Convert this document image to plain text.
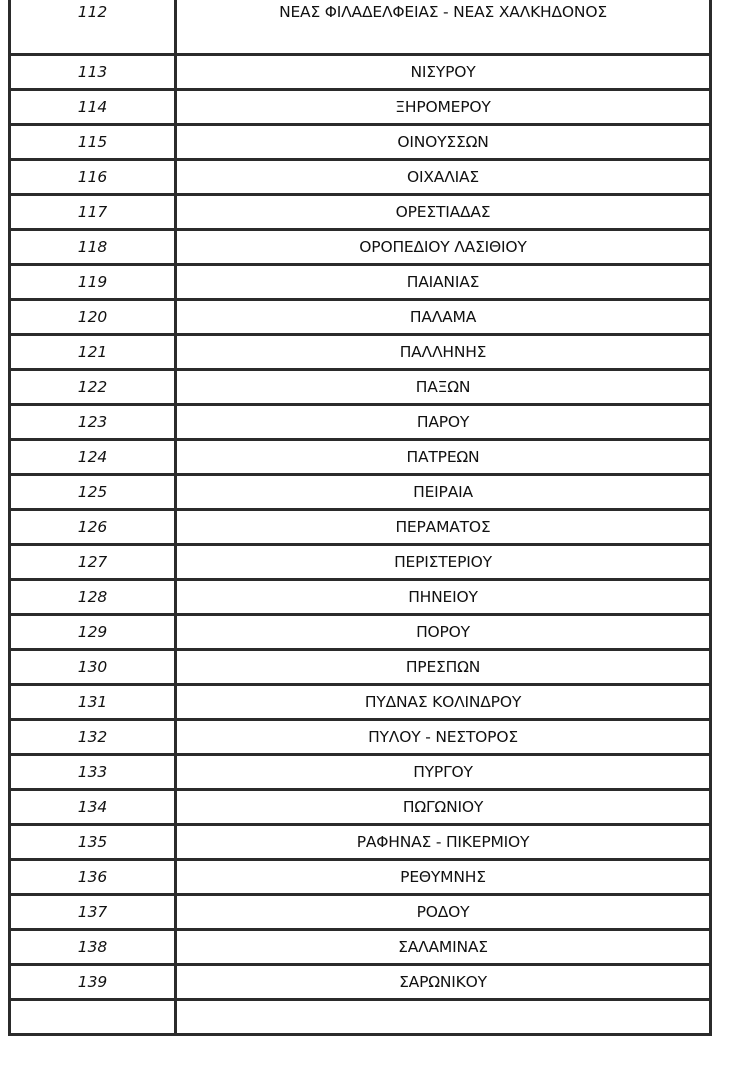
112	ΝΕΑΣ ΦΙΛΑΔΕΛΦΕΙΑΣ - ΝΕΑΣ ΧΑΛΚΗΔΟΝΟΣ
113	ΝΙΣΥΡΟΥ
114	ΞΗΡΟΜΕΡΟΥ
115	ΟΙΝΟΥΣΣΩΝ
116	ΟΙΧΑΛΙΑΣ
117	ΟΡΕΣΤΙΑΔΑΣ
118	ΟΡΟΠΕΔΙΟΥ ΛΑΣΙΘΙΟΥ
119	ΠΑΙΑΝΙΑΣ
120	ΠΑΛΑΜΑ
121	ΠΑΛΛΗΝΗΣ
122	ΠΑΞΩΝ
123	ΠΑΡΟΥ
124	ΠΑΤΡΕΩΝ
125	ΠΕΙΡΑΙΑ
126	ΠΕΡΑΜΑΤΟΣ
127	ΠΕΡΙΣΤΕΡΙΟΥ
128	ΠΗΝΕΙΟΥ
129	ΠΟΡΟΥ
130	ΠΡΕΣΠΩΝ
131	ΠΥΔΝΑΣ ΚΟΛΙΝΔΡΟΥ
132	ΠΥΛΟΥ - ΝΕΣΤΟΡΟΣ
133	ΠΥΡΓΟΥ
134	ΠΩΓΩΝΙΟΥ
135	ΡΑΦΗΝΑΣ - ΠΙΚΕΡΜΙΟΥ
136	ΡΕΘΥΜΝΗΣ
137	ΡΟΔΟΥ
138	ΣΑΛΑΜΙΝΑΣ
139	ΣΑΡΩΝΙΚΟΥ
